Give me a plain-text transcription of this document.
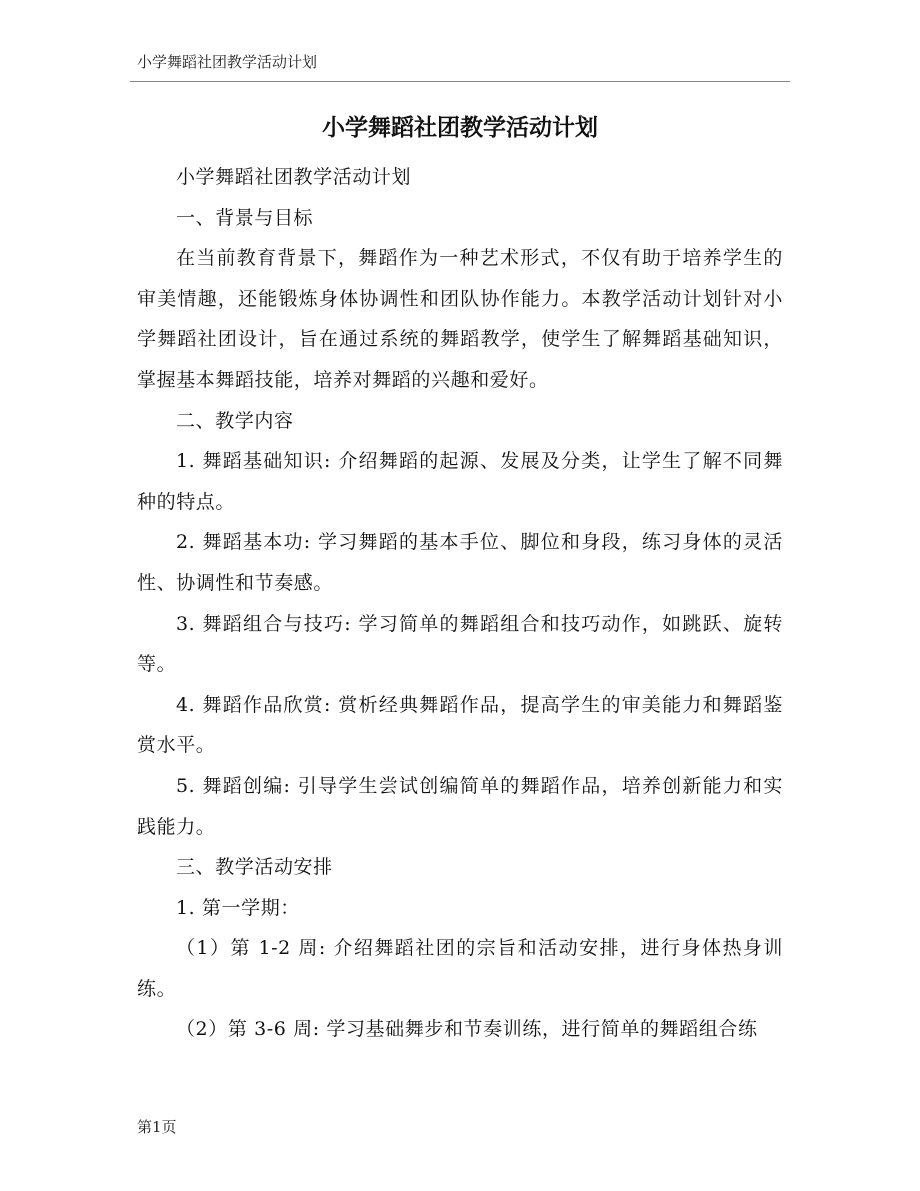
小学舞蹈社团教学活动计划
小学舞蹈社团教学活动计划

小学舞蹈社团教学活动计划

一、背景与目标

在当前教育背景下，舞蹈作为一种艺术形式，不仅有助于培养学生的审美情趣，还能锻炼身体协调性和团队协作能力。本教学活动计划针对小学舞蹈社团设计，旨在通过系统的舞蹈教学，使学生了解舞蹈基础知识，掌握基本舞蹈技能，培养对舞蹈的兴趣和爱好。

二、教学内容

1. 舞蹈基础知识: 介绍舞蹈的起源、发展及分类，让学生了解不同舞种的特点。

2. 舞蹈基本功: 学习舞蹈的基本手位、脚位和身段，练习身体的灵活性、协调性和节奏感。

3. 舞蹈组合与技巧: 学习简单的舞蹈组合和技巧动作，如跳跃、旋转等。

4. 舞蹈作品欣赏: 赏析经典舞蹈作品，提高学生的审美能力和舞蹈鉴赏水平。

5. 舞蹈创编: 引导学生尝试创编简单的舞蹈作品，培养创新能力和实践能力。

三、教学活动安排

1. 第一学期：

（1）第 1-2 周: 介绍舞蹈社团的宗旨和活动安排，进行身体热身训练。

（2）第 3-6 周: 学习基础舞步和节奏训练，进行简单的舞蹈组合练

第1页
